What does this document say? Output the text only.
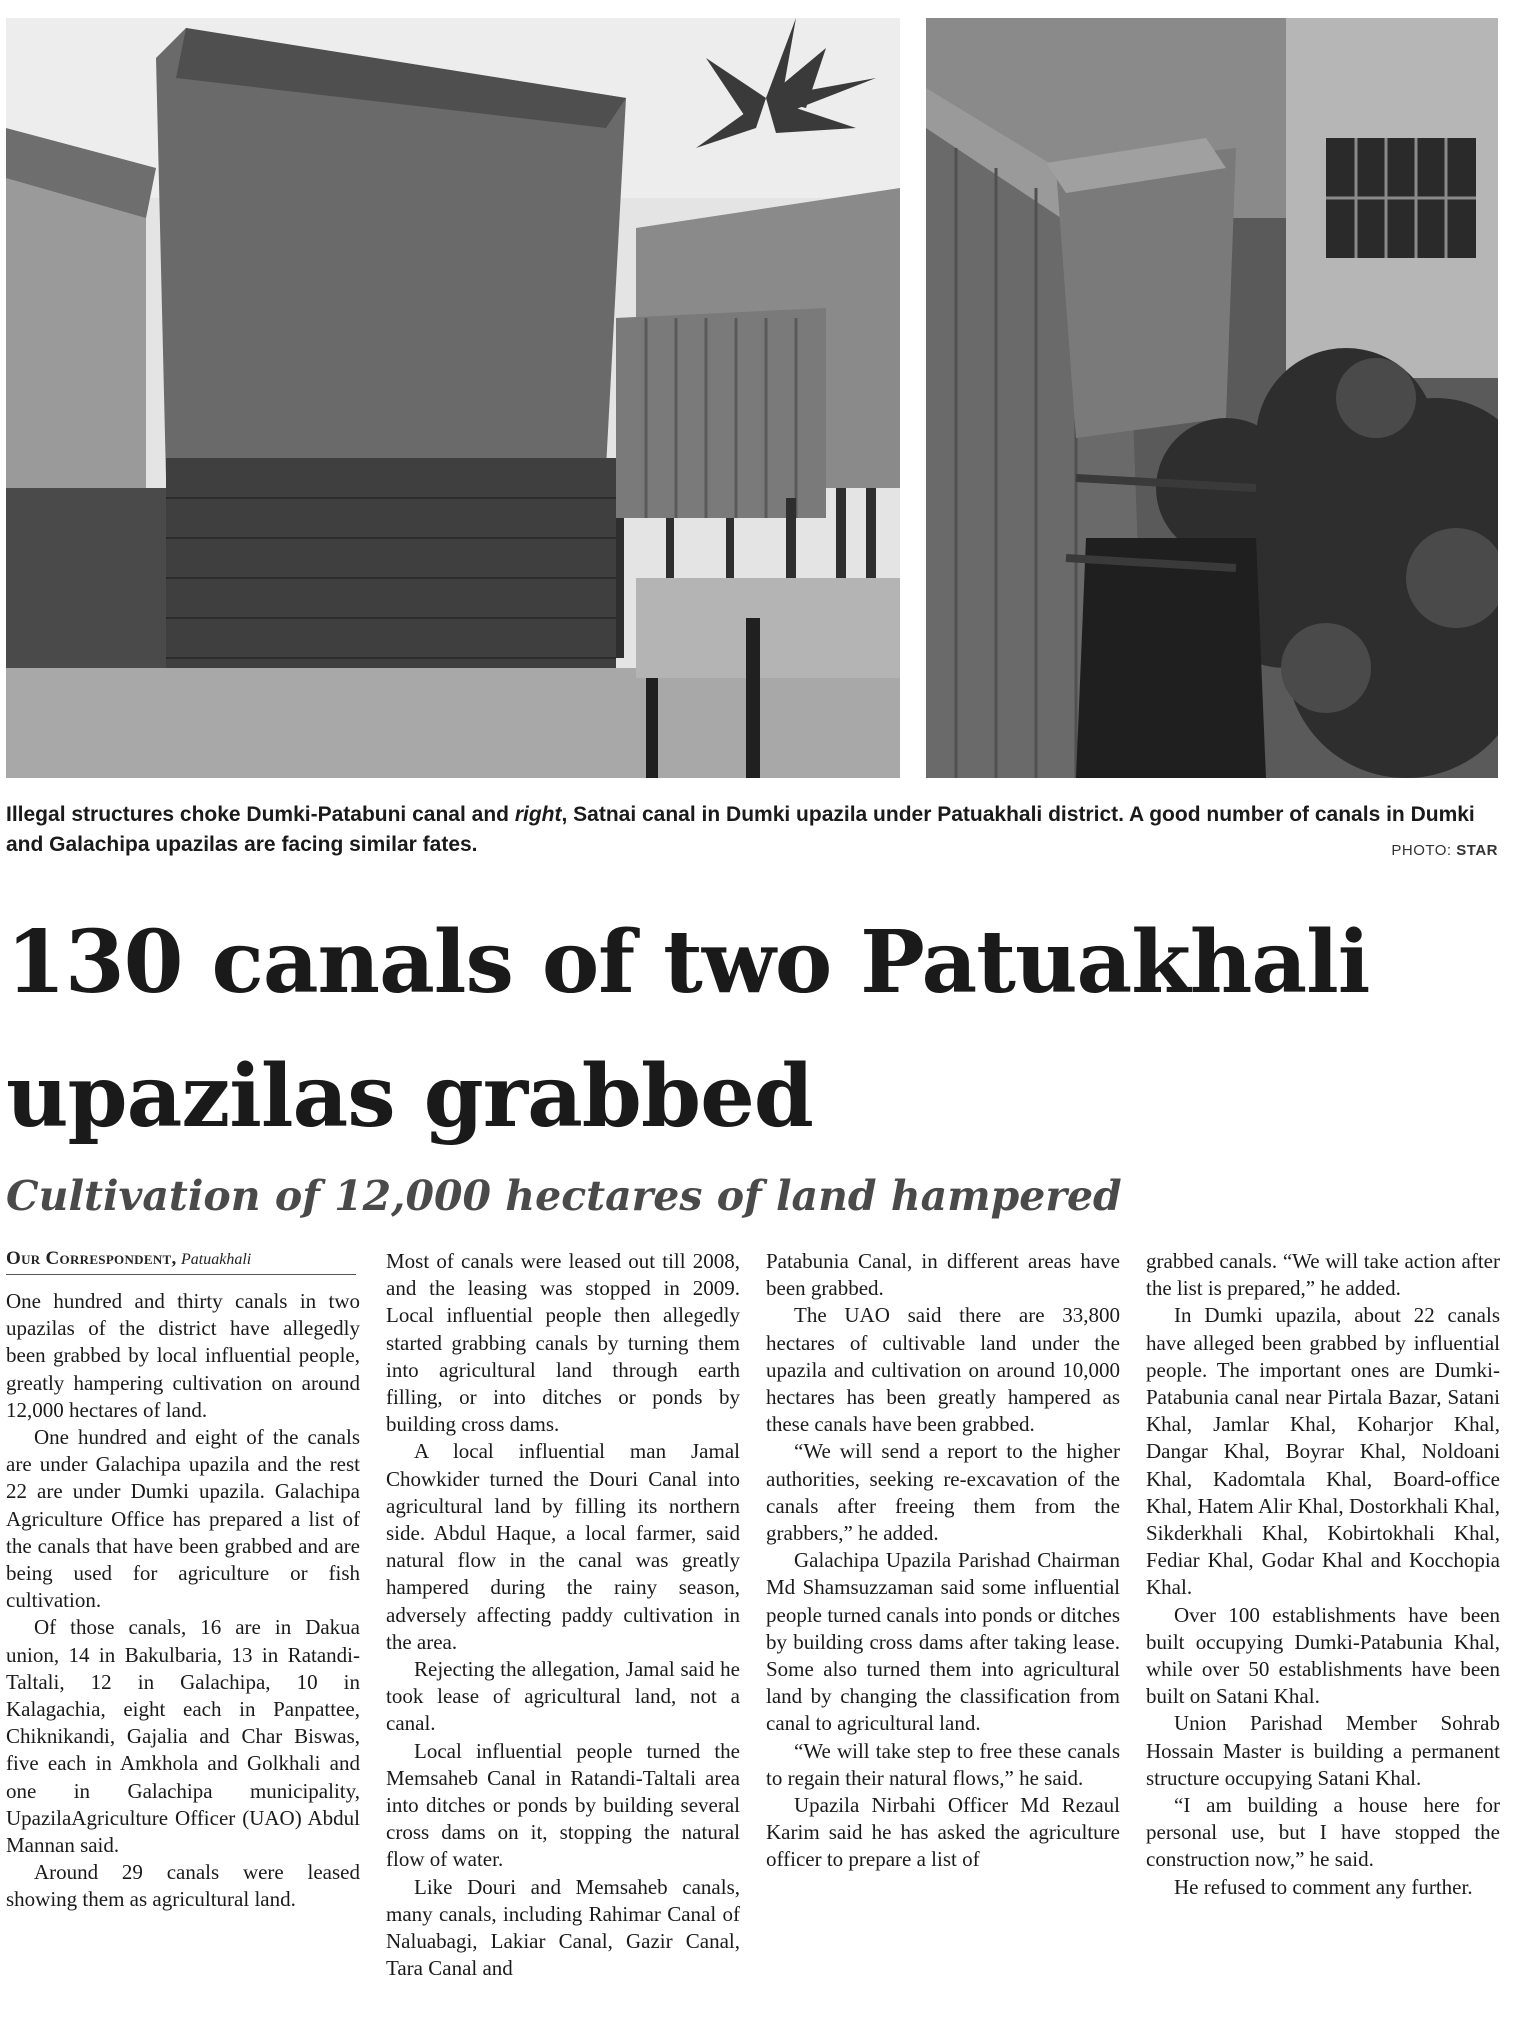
Illegal structures choke Dumki-Patabuni canal and right, Satnai canal in Dumki upazila under Patuakhali district. A good number of canals in Dumki and Galachipa upazilas are facing similar fates.	PHOTO: STAR
130 canals of two Patuakhali upazilas grabbed
Cultivation of 12,000 hectares of land hampered
Our Correspondent, Patuakhali

One hundred and thirty canals in two upazilas of the district have allegedly been grabbed by local influential people, greatly hampering cultivation on around 12,000 hectares of land.

One hundred and eight of the canals are under Galachipa upazila and the rest 22 are under Dumki upazila. Galachipa Agriculture Office has prepared a list of the canals that have been grabbed and are being used for agriculture or fish cultivation.

Of those canals, 16 are in Dakua union, 14 in Bakulbaria, 13 in Ratandi-Taltali, 12 in Galachipa, 10 in Kalagachia, eight each in Panpattee, Chiknikandi, Gajalia and Char Biswas, five each in Amkhola and Golkhali and one in Galachipa municipality, UpazilaAgriculture Officer (UAO) Abdul Mannan said.

Around 29 canals were leased showing them as agricultural land.

Most of canals were leased out till 2008, and the leasing was stopped in 2009. Local influential people then allegedly started grabbing canals by turning them into agricultural land through earth filling, or into ditches or ponds by building cross dams.

A local influential man Jamal Chowkider turned the Douri Canal into agricultural land by filling its northern side. Abdul Haque, a local farmer, said natural flow in the canal was greatly hampered during the rainy season, adversely affecting paddy cultivation in the area.

Rejecting the allegation, Jamal said he took lease of agricultural land, not a canal.

Local influential people turned the Memsaheb Canal in Ratandi-Taltali area into ditches or ponds by building several cross dams on it, stopping the natural flow of water.

Like Douri and Memsaheb canals, many canals, including Rahimar Canal of Naluabagi, Lakiar Canal, Gazir Canal, Tara Canal and

Patabunia Canal, in different areas have been grabbed.

The UAO said there are 33,800 hectares of cultivable land under the upazila and cultivation on around 10,000 hectares has been greatly hampered as these canals have been grabbed.

“We will send a report to the higher authorities, seeking re-excavation of the canals after freeing them from the grabbers,” he added.

Galachipa Upazila Parishad Chairman Md Shamsuzzaman said some influential people turned canals into ponds or ditches by building cross dams after taking lease. Some also turned them into agricultural land by changing the classification from canal to agricultural land.

“We will take step to free these canals to regain their natural flows,” he said.

Upazila Nirbahi Officer Md Rezaul Karim said he has asked the agriculture officer to prepare a list of

grabbed canals. “We will take action after the list is prepared,” he added.

In Dumki upazila, about 22 canals have alleged been grabbed by influential people. The important ones are Dumki-Patabunia canal near Pirtala Bazar, Satani Khal, Jamlar Khal, Koharjor Khal, Dangar Khal, Boyrar Khal, Noldoani Khal, Kadomtala Khal, Board-office Khal, Hatem Alir Khal, Dostorkhali Khal, Sikderkhali Khal, Kobirtokhali Khal, Fediar Khal, Godar Khal and Kocchopia Khal.

Over 100 establishments have been built occupying Dumki-Patabunia Khal, while over 50 establishments have been built on Satani Khal.

Union Parishad Member Sohrab Hossain Master is building a permanent structure occupying Satani Khal.

“I am building a house here for personal use, but I have stopped the construction now,” he said.

He refused to comment any further.
